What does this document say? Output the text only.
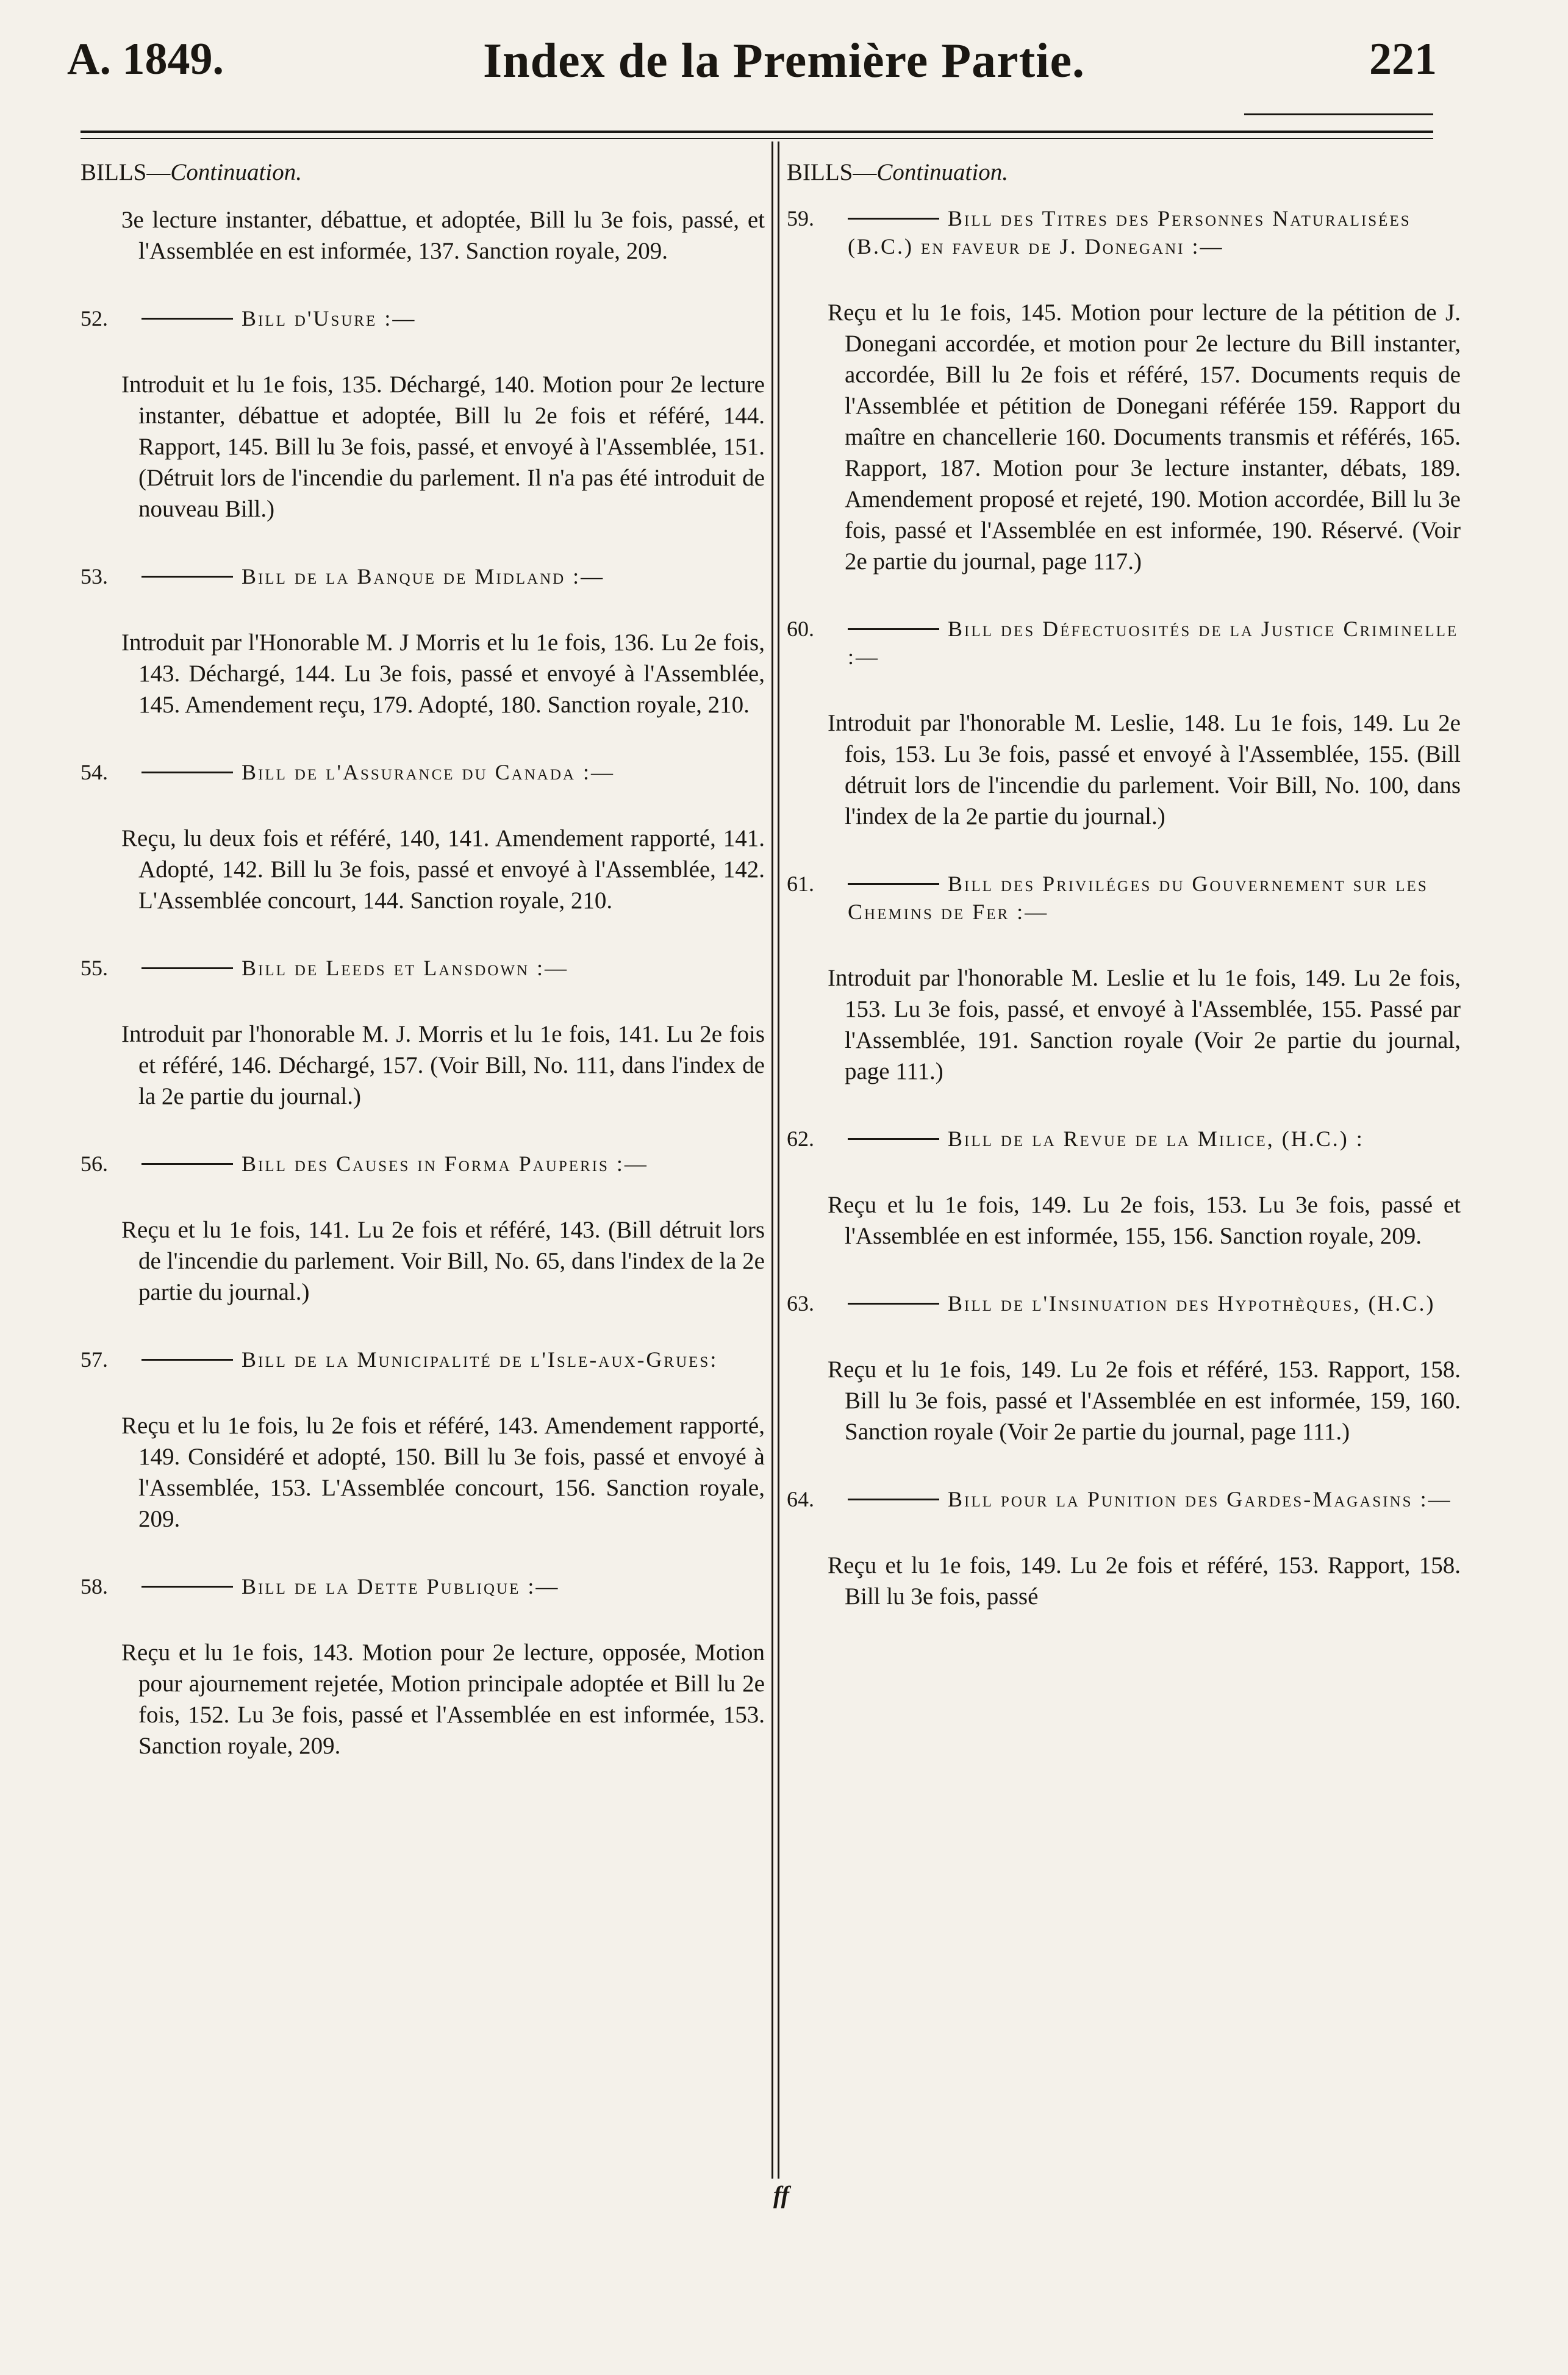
A. 1849.	Index de la Première Partie.	221
BILLS—Continuation.
3e lecture instanter, débattue, et adoptée, Bill lu 3e fois, passé, et l'Assemblée en est informée, 137. Sanction royale, 209.
52.	Bill d'Usure :—
Introduit et lu 1e fois, 135. Déchargé, 140. Motion pour 2e lecture instanter, débattue et adoptée, Bill lu 2e fois et référé, 144. Rapport, 145. Bill lu 3e fois, passé, et envoyé à l'Assemblée, 151. (Détruit lors de l'incendie du parlement. Il n'a pas été introduit de nouveau Bill.)
53.	Bill de la Banque de Midland :—
Introduit par l'Honorable M. J Morris et lu 1e fois, 136. Lu 2e fois, 143. Déchargé, 144. Lu 3e fois, passé et envoyé à l'Assemblée, 145. Amendement reçu, 179. Adopté, 180. Sanction royale, 210.
54.	Bill de l'Assurance du Canada :—
Reçu, lu deux fois et référé, 140, 141. Amendement rapporté, 141. Adopté, 142. Bill lu 3e fois, passé et envoyé à l'Assemblée, 142. L'Assemblée concourt, 144. Sanction royale, 210.
55.	Bill de Leeds et Lansdown :—
Introduit par l'honorable M. J. Morris et lu 1e fois, 141. Lu 2e fois et référé, 146. Déchargé, 157. (Voir Bill, No. 111, dans l'index de la 2e partie du journal.)
56.	Bill des Causes in Forma Pauperis :—
Reçu et lu 1e fois, 141. Lu 2e fois et référé, 143. (Bill détruit lors de l'incendie du parlement. Voir Bill, No. 65, dans l'index de la 2e partie du journal.)
57.	Bill de la Municipalité de l'Isle-aux-Grues:
Reçu et lu 1e fois, lu 2e fois et référé, 143. Amendement rapporté, 149. Considéré et adopté, 150. Bill lu 3e fois, passé et envoyé à l'Assemblée, 153. L'Assemblée concourt, 156. Sanction royale, 209.
58.	Bill de la Dette Publique :—
Reçu et lu 1e fois, 143. Motion pour 2e lecture, opposée, Motion pour ajournement rejetée, Motion principale adoptée et Bill lu 2e fois, 152. Lu 3e fois, passé et l'Assemblée en est informée, 153. Sanction royale, 209.
BILLS—Continuation.
59.	Bill des Titres des Personnes Naturalisées (B.C.) en faveur de J. Donegani :—
Reçu et lu 1e fois, 145. Motion pour lecture de la pétition de J. Donegani accordée, et motion pour 2e lecture du Bill instanter, accordée, Bill lu 2e fois et référé, 157. Documents requis de l'Assemblée et pétition de Donegani référée 159. Rapport du maître en chancellerie 160. Documents transmis et référés, 165. Rapport, 187. Motion pour 3e lecture instanter, débats, 189. Amendement proposé et rejeté, 190. Motion accordée, Bill lu 3e fois, passé et l'Assemblée en est informée, 190. Réservé. (Voir 2e partie du journal, page 117.)
60.	Bill des Défectuosités de la Justice Criminelle :—
Introduit par l'honorable M. Leslie, 148. Lu 1e fois, 149. Lu 2e fois, 153. Lu 3e fois, passé et envoyé à l'Assemblée, 155. (Bill détruit lors de l'incendie du parlement. Voir Bill, No. 100, dans l'index de la 2e partie du journal.)
61.	Bill des Priviléges du Gouvernement sur les Chemins de Fer :—
Introduit par l'honorable M. Leslie et lu 1e fois, 149. Lu 2e fois, 153. Lu 3e fois, passé, et envoyé à l'Assemblée, 155. Passé par l'Assemblée, 191. Sanction royale (Voir 2e partie du journal, page 111.)
62.	Bill de la Revue de la Milice, (H.C.) :
Reçu et lu 1e fois, 149. Lu 2e fois, 153. Lu 3e fois, passé et l'Assemblée en est informée, 155, 156. Sanction royale, 209.
63.	Bill de l'Insinuation des Hypothèques, (H.C.)
Reçu et lu 1e fois, 149. Lu 2e fois et référé, 153. Rapport, 158. Bill lu 3e fois, passé et l'Assemblée en est informée, 159, 160. Sanction royale (Voir 2e partie du journal, page 111.)
64.	Bill pour la Punition des Gardes-Magasins :—
Reçu et lu 1e fois, 149. Lu 2e fois et référé, 153. Rapport, 158. Bill lu 3e fois, passé
ff
